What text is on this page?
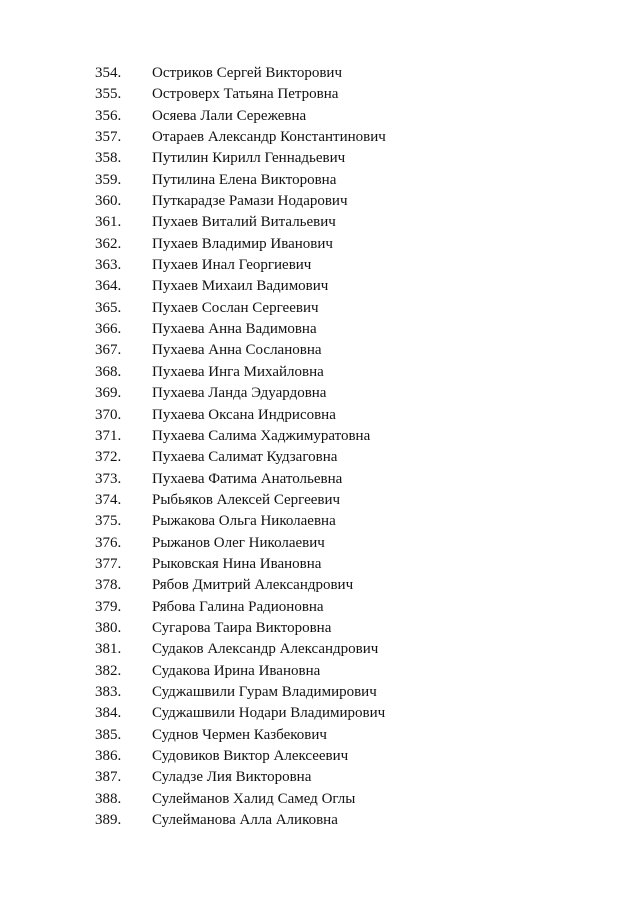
354. Остриков Сергей Викторович
355. Островерх Татьяна Петровна
356. Осяева Лали Сережевна
357. Отараев Александр Константинович
358. Путилин Кирилл Геннадьевич
359. Путилина Елена Викторовна
360. Путкарадзе Рамази Нодарович
361. Пухаев Виталий Витальевич
362. Пухаев Владимир Иванович
363. Пухаев Инал Георгиевич
364. Пухаев Михаил Вадимович
365. Пухаев Сослан Сергеевич
366. Пухаева Анна Вадимовна
367. Пухаева Анна Сослановна
368. Пухаева Инга Михайловна
369. Пухаева Ланда Эдуардовна
370. Пухаева Оксана Индрисовна
371. Пухаева Салима Хаджимуратовна
372. Пухаева Салимат Кудзаговна
373. Пухаева Фатима Анатольевна
374. Рыбьяков Алексей Сергеевич
375. Рыжакова Ольга Николаевна
376. Рыжанов Олег Николаевич
377. Рыковская Нина Ивановна
378. Рябов Дмитрий Александрович
379. Рябова Галина Радионовна
380. Сугарова Таира Викторовна
381. Судаков Александр Александрович
382. Судакова Ирина Ивановна
383. Суджашвили Гурам Владимирович
384. Суджашвили Нодари Владимирович
385. Суднов Чермен Казбекович
386. Судовиков Виктор Алексеевич
387. Суладзе Лия Викторовна
388. Сулейманов Халид Самед Оглы
389. Сулейманова Алла Аликовна
